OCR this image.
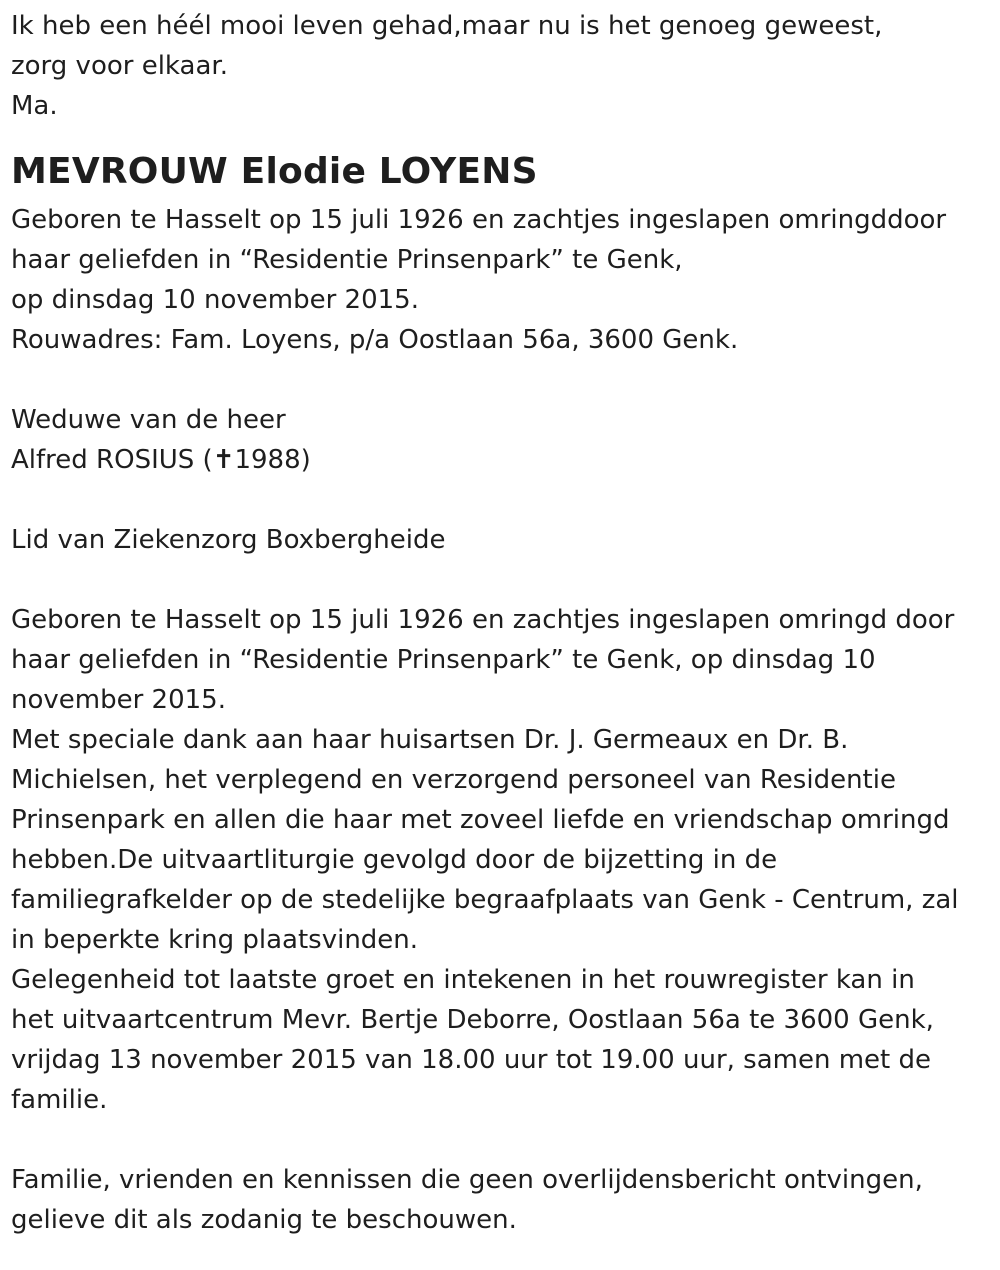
Ik heb een héél mooi leven gehad,maar nu is het genoeg geweest,
zorg voor elkaar.
Ma.
MEVROUW Elodie LOYENS
Geboren te Hasselt op 15 juli 1926 en zachtjes ingeslapen omringddoor
haar geliefden in “Residentie Prinsenpark” te Genk,
op dinsdag 10 november 2015.
Rouwadres: Fam. Loyens, p/a Oostlaan 56a, 3600 Genk.
Weduwe van de heer
Alfred ROSIUS (✝1988)
Lid van Ziekenzorg Boxbergheide
Geboren te Hasselt op 15 juli 1926 en zachtjes ingeslapen omringd door
haar geliefden in “Residentie Prinsenpark” te Genk, op dinsdag 10
november 2015.
Met speciale dank aan haar huisartsen Dr. J. Germeaux en Dr. B.
Michielsen, het verplegend en verzorgend personeel van Residentie
Prinsenpark en allen die haar met zoveel liefde en vriendschap omringd
hebben.De uitvaartliturgie gevolgd door de bijzetting in de
familiegrafkelder op de stedelijke begraafplaats van Genk - Centrum, zal
in beperkte kring plaatsvinden.
Gelegenheid tot laatste groet en intekenen in het rouwregister kan in
het uitvaartcentrum Mevr. Bertje Deborre, Oostlaan 56a te 3600 Genk,
vrijdag 13 november 2015 van 18.00 uur tot 19.00 uur, samen met de
familie.
Familie, vrienden en kennissen die geen overlijdensbericht ontvingen,
gelieve dit als zodanig te beschouwen.
